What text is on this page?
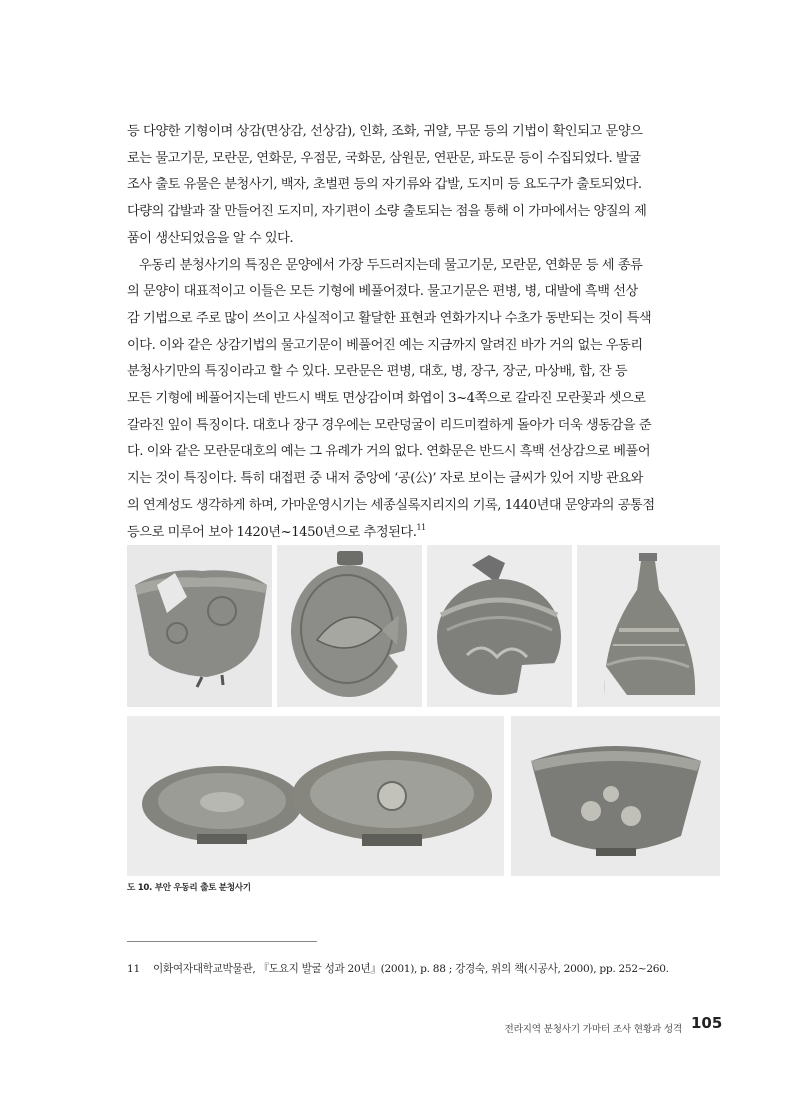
등 다양한 기형이며 상감(면상감, 선상감), 인화, 조화, 귀얄, 무문 등의 기법이 확인되고 문양으
로는 물고기문, 모란문, 연화문, 우점문, 국화문, 삼원문, 연판문, 파도문 등이 수집되었다. 발굴
조사 출토 유물은 분청사기, 백자, 초벌편 등의 자기류와 갑발, 도지미 등 요도구가 출토되었다.
다량의 갑발과 잘 만들어진 도지미, 자기편이 소량 출토되는 점을 통해 이 가마에서는 양질의 제
품이 생산되었음을 알 수 있다.
우동리 분청사기의 특징은 문양에서 가장 두드러지는데 물고기문, 모란문, 연화문 등 세 종류
의 문양이 대표적이고 이들은 모든 기형에 베풀어졌다. 물고기문은 편병, 병, 대발에 흑백 선상
감 기법으로 주로 많이 쓰이고 사실적이고 활달한 표현과 연화가지나 수초가 동반되는 것이 특색
이다. 이와 같은 상감기법의 물고기문이 베풀어진 예는 지금까지 알려진 바가 거의 없는 우동리
분청사기만의 특징이라고 할 수 있다. 모란문은 편병, 대호, 병, 장구, 장군, 마상배, 합, 잔 등
모든 기형에 베풀어지는데 반드시 백토 면상감이며 화엽이 3~4쪽으로 갈라진 모란꽃과 셋으로
갈라진 잎이 특징이다. 대호나 장구 경우에는 모란덩굴이 리드미컬하게 돌아가 더욱 생동감을 준
다. 이와 같은 모란문대호의 예는 그 유례가 거의 없다. 연화문은 반드시 흑백 선상감으로 베풀어
지는 것이 특징이다. 특히 대접편 중 내저 중앙에 ‘공(公)’ 자로 보이는 글씨가 있어 지방 관요와
의 연계성도 생각하게 하며, 가마운영시기는 세종실록지리지의 기록, 1440년대 문양과의 공통점
등으로 미루어 보아 1420년~1450년으로 추정된다.$^{11}$
도 10. 부안 우동리 출토 분청사기
11 이화여자대학교박물관, 『도요지 발굴 성과 20년』(2001), p. 88 ; 강경숙, 위의 책(시공사, 2000), pp. 252~260.
전라지역 분청사기 가마터 조사 현황과 성격 105
